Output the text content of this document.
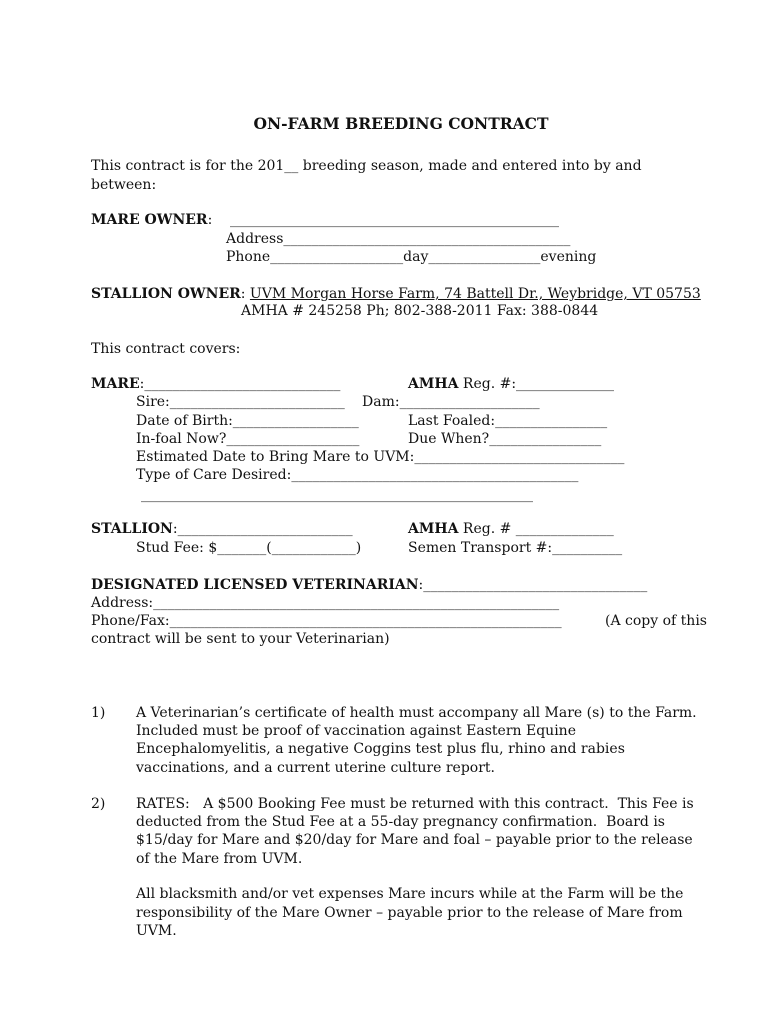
ON-FARM BREEDING CONTRACT
This contract is for the 201__ breeding season, made and entered into by and
between:
MARE OWNER: _______________________________________________
Address_________________________________________
Phone___________________day________________evening
STALLION OWNER: UVM Morgan Horse Farm, 74 Battell Dr., Weybridge, VT 05753
AMHA # 245258 Ph; 802-388-2011 Fax: 388-0844
This contract covers:
MARE:____________________________	AMHA Reg. #:______________
Sire:_________________________ Dam:____________________
Date of Birth:__________________	Last Foaled:________________
In-foal Now?___________________	Due When?________________
Estimated Date to Bring Mare to UVM:______________________________
Type of Care Desired:_________________________________________
________________________________________________________
STALLION:_________________________	AMHA Reg. # ______________
Stud Fee: $_______(____________)	Semen Transport #:__________
DESIGNATED LICENSED VETERINARIAN:________________________________
Address:__________________________________________________________
Phone/Fax:________________________________________________________	(A copy of this
contract will be sent to your Veterinarian)
1) A Veterinarian’s certificate of health must accompany all Mare (s) to the Farm.
Included must be proof of vaccination against Eastern Equine
Encephalomyelitis, a negative Coggins test plus flu, rhino and rabies
vaccinations, and a current uterine culture report.
2) RATES:   A $500 Booking Fee must be returned with this contract.  This Fee is
deducted from the Stud Fee at a 55-day pregnancy confirmation.  Board is
$15/day for Mare and $20/day for Mare and foal – payable prior to the release
of the Mare from UVM.
All blacksmith and/or vet expenses Mare incurs while at the Farm will be the
responsibility of the Mare Owner – payable prior to the release of Mare from
UVM.
